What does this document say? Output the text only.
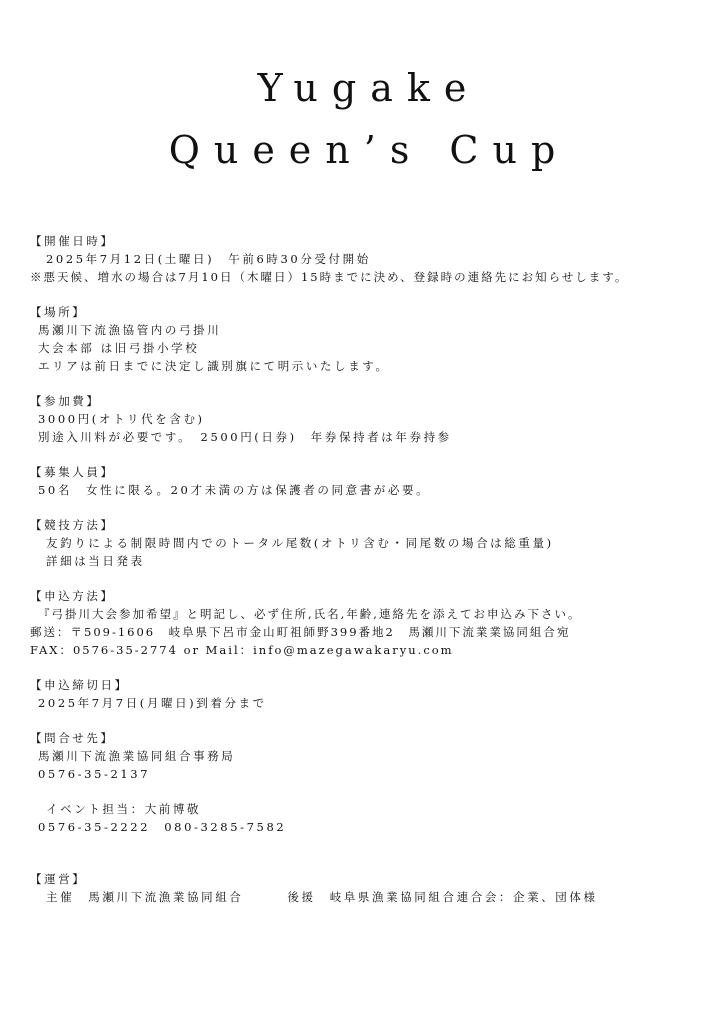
Yugake
Queen’s Cup
【開催日時】
2025年7月12日(土曜日)　午前6時30分受付開始
※悪天候、増水の場合は7月10日（木曜日）15時までに決め、登録時の連絡先にお知らせします。
【場所】
馬瀬川下流漁協管内の弓掛川
大会本部 は旧弓掛小学校
エリアは前日までに決定し識別旗にて明示いたします。
【参加費】
3000円(オトリ代を含む)
別途入川料が必要です。　2500円(日券)　年券保持者は年券持参
【募集人員】
50名　女性に限る。20才未満の方は保護者の同意書が必要。
【競技方法】
友釣りによる制限時間内でのトータル尾数(オトリ含む・同尾数の場合は総重量)
詳細は当日発表
【申込方法】
『弓掛川大会参加希望』と明記し、必ず住所,氏名,年齢,連絡先を添えてお申込み下さい。
郵送：〒509-1606　岐阜県下呂市金山町祖師野399番地2　馬瀬川下流業業協同組合宛
FAX：0576-35-2774 or Mail：info@mazegawakaryu.com
【申込締切日】
2025年7月7日(月曜日)到着分まで
【問合せ先】
馬瀬川下流漁業協同組合事務局
0576-35-2137
イベント担当：大前博敬
0576-35-2222　080-3285-7582
【運営】
主催　馬瀬川下流漁業協同組合	後援　岐阜県漁業協同組合連合会：企業、団体様
